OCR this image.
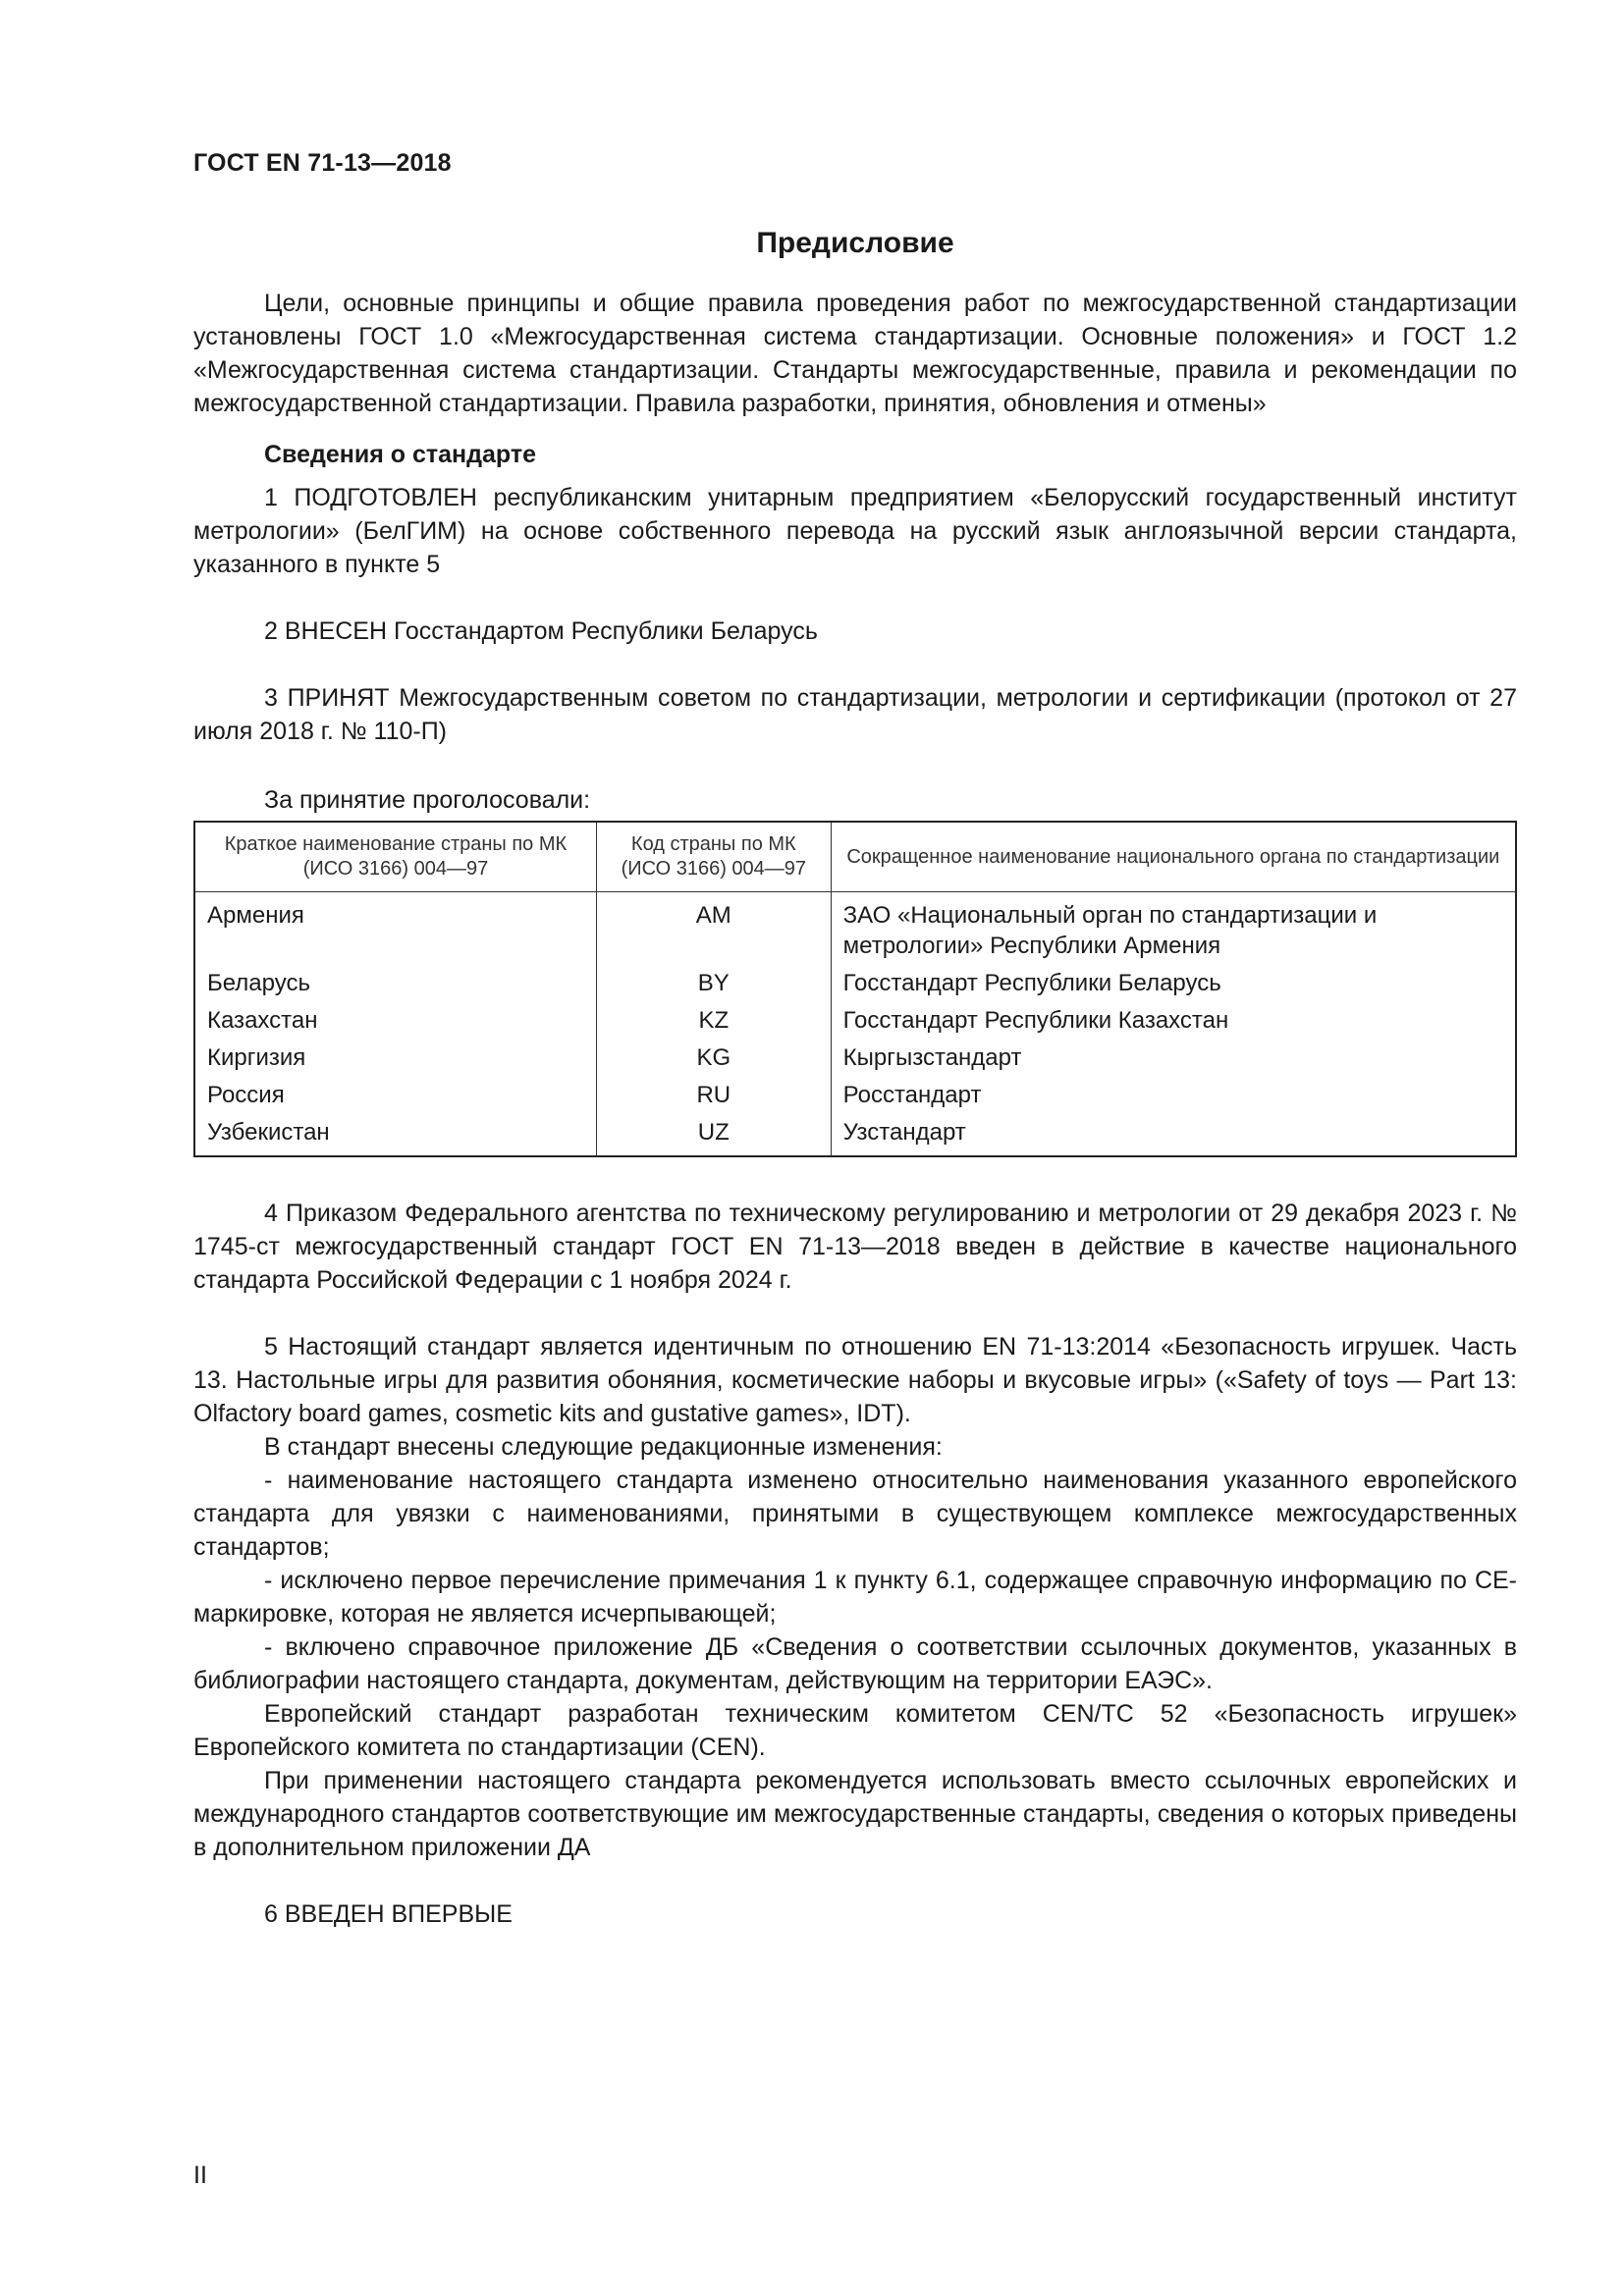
ГОСТ EN 71-13—2018
Предисловие

Цели, основные принципы и общие правила проведения работ по межгосударственной стандартизации установлены ГОСТ 1.0 «Межгосударственная система стандартизации. Основные положения» и ГОСТ 1.2 «Межгосударственная система стандартизации. Стандарты межгосударственные, правила и рекомендации по межгосударственной стандартизации. Правила разработки, принятия, обновления и отмены»

Сведения о стандарте

1 ПОДГОТОВЛЕН республиканским унитарным предприятием «Белорусский государственный институт метрологии» (БелГИМ) на основе собственного перевода на русский язык англоязычной версии стандарта, указанного в пункте 5

2 ВНЕСЕН Госстандартом Республики Беларусь

3 ПРИНЯТ Межгосударственным советом по стандартизации, метрологии и сертификации (протокол от 27 июля 2018 г. № 110-П)

За принятие проголосовали:

Краткое наименование страны по МК (ИСО 3166) 004—97	Код страны по МК (ИСО 3166) 004—97	Сокращенное наименование национального органа по стандартизации
Армения	AM	ЗАО «Национальный орган по стандартизации и метрологии» Республики Армения
Беларусь	BY	Госстандарт Республики Беларусь
Казахстан	KZ	Госстандарт Республики Казахстан
Киргизия	KG	Кыргызстандарт
Россия	RU	Росстандарт
Узбекистан	UZ	Узстандарт

4 Приказом Федерального агентства по техническому регулированию и метрологии от 29 декабря 2023 г. № 1745-ст межгосударственный стандарт ГОСТ EN 71-13—2018 введен в действие в качестве национального стандарта Российской Федерации с 1 ноября 2024 г.

5 Настоящий стандарт является идентичным по отношению EN 71-13:2014 «Безопасность игрушек. Часть 13. Настольные игры для развития обоняния, косметические наборы и вкусовые игры» («Safety of toys — Part 13: Olfactory board games, cosmetic kits and gustative games», IDT).

В стандарт внесены следующие редакционные изменения:

- наименование настоящего стандарта изменено относительно наименования указанного европейского стандарта для увязки с наименованиями, принятыми в существующем комплексе межгосударственных стандартов;

- исключено первое перечисление примечания 1 к пункту 6.1, содержащее справочную информацию по CE-маркировке, которая не является исчерпывающей;

- включено справочное приложение ДБ «Сведения о соответствии ссылочных документов, указанных в библиографии настоящего стандарта, документам, действующим на территории ЕАЭС».

Европейский стандарт разработан техническим комитетом CEN/TC 52 «Безопасность игрушек» Европейского комитета по стандартизации (CEN).

При применении настоящего стандарта рекомендуется использовать вместо ссылочных европейских и международного стандартов соответствующие им межгосударственные стандарты, сведения о которых приведены в дополнительном приложении ДА

6 ВВЕДЕН ВПЕРВЫЕ

II
